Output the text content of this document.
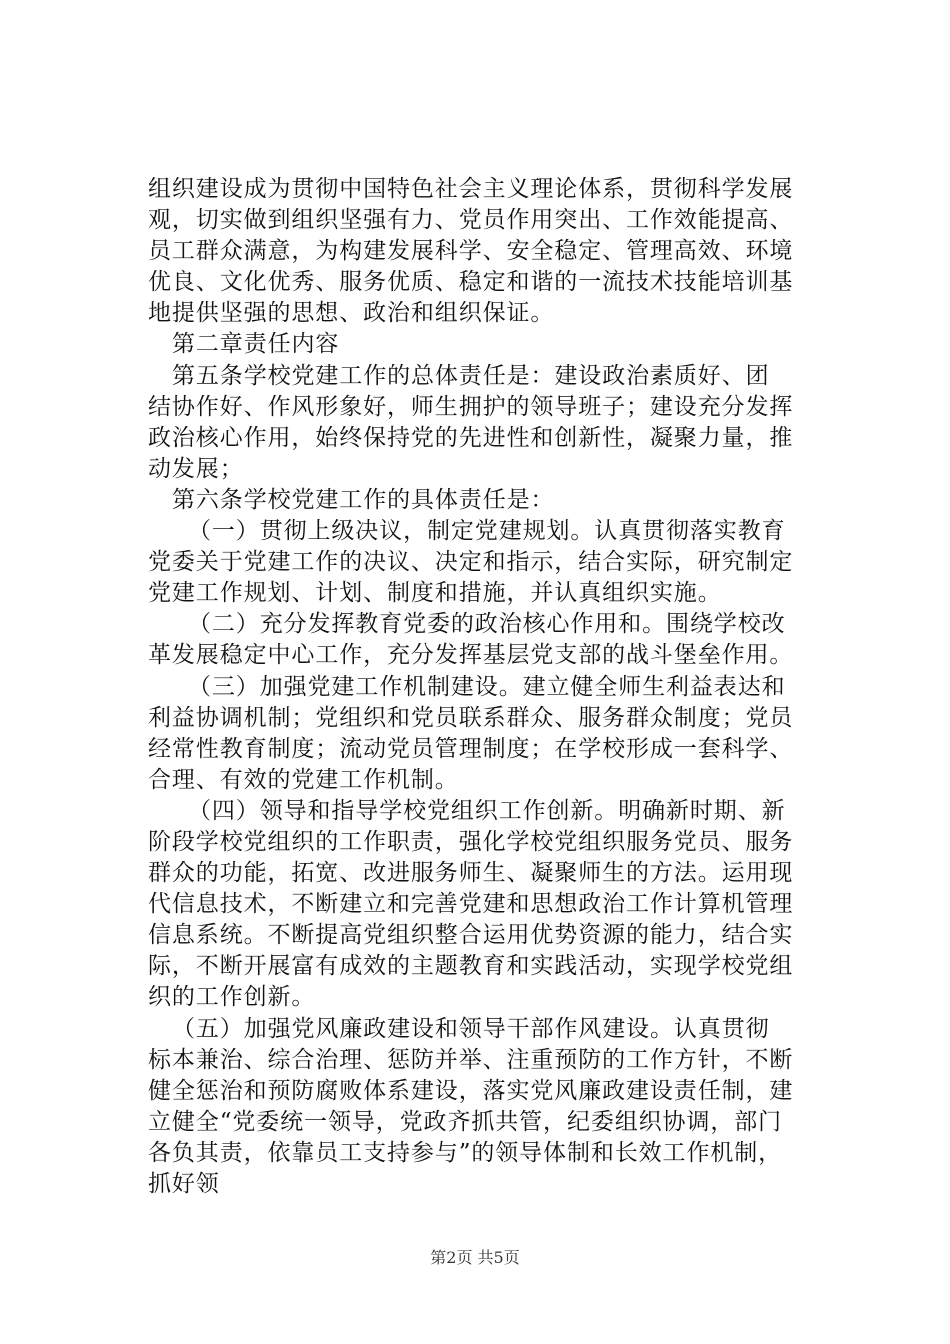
组织建设成为贯彻中国特色社会主义理论体系，贯彻科学发展
观，切实做到组织坚强有力、党员作用突出、工作效能提高、
员工群众满意，为构建发展科学、安全稳定、管理高效、环境
优良、文化优秀、服务优质、稳定和谐的一流技术技能培训基
地提供坚强的思想、政治和组织保证。
第二章责任内容
第五条学校党建工作的总体责任是：建设政治素质好、团
结协作好、作风形象好，师生拥护的领导班子；建设充分发挥
政治核心作用，始终保持党的先进性和创新性，凝聚力量，推
动发展；
第六条学校党建工作的具体责任是：
（一）贯彻上级决议，制定党建规划。认真贯彻落实教育
党委关于党建工作的决议、决定和指示，结合实际，研究制定
党建工作规划、计划、制度和措施，并认真组织实施。
（二）充分发挥教育党委的政治核心作用和。围绕学校改
革发展稳定中心工作，充分发挥基层党支部的战斗堡垒作用。
（三）加强党建工作机制建设。建立健全师生利益表达和
利益协调机制；党组织和党员联系群众、服务群众制度；党员
经常性教育制度；流动党员管理制度；在学校形成一套科学、
合理、有效的党建工作机制。
（四）领导和指导学校党组织工作创新。明确新时期、新
阶段学校党组织的工作职责，强化学校党组织服务党员、服务
群众的功能，拓宽、改进服务师生、凝聚师生的方法。运用现
代信息技术，不断建立和完善党建和思想政治工作计算机管理
信息系统。不断提高党组织整合运用优势资源的能力，结合实
际，不断开展富有成效的主题教育和实践活动，实现学校党组
织的工作创新。
（五）加强党风廉政建设和领导干部作风建设。认真贯彻
标本兼治、综合治理、惩防并举、注重预防的工作方针，不断
健全惩治和预防腐败体系建设，落实党风廉政建设责任制，建
立健全“党委统一领导，党政齐抓共管，纪委组织协调，部门
各负其责，依靠员工支持参与”的领导体制和长效工作机制，
抓好领
第2页 共5页
